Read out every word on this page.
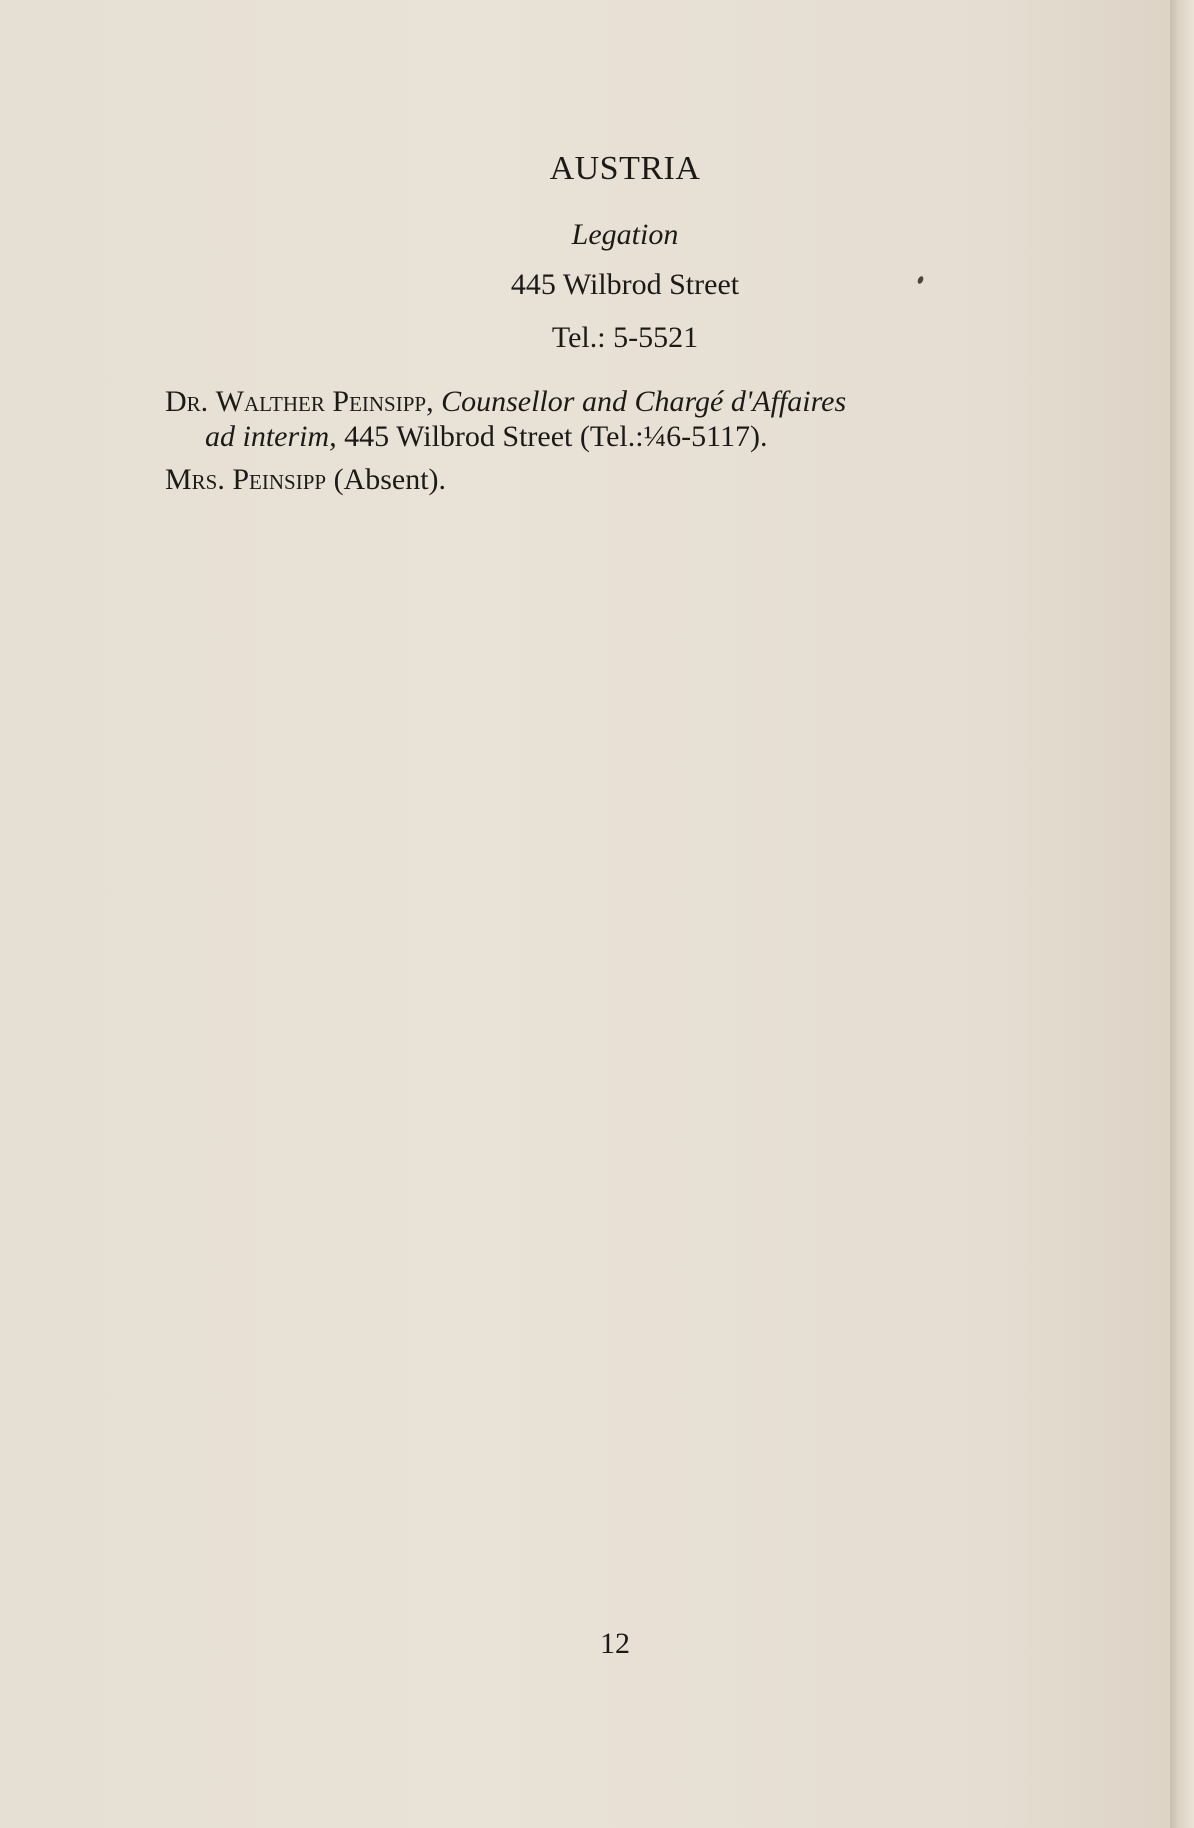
AUSTRIA
Legation
445 Wilbrod Street
Tel.: 5-5521
Dr. Walther Peinsipp, Counsellor and Chargé d'Affaires
ad interim, 445 Wilbrod Street (Tel.:¼6-5117).
Mrs. Peinsipp (Absent).
12
